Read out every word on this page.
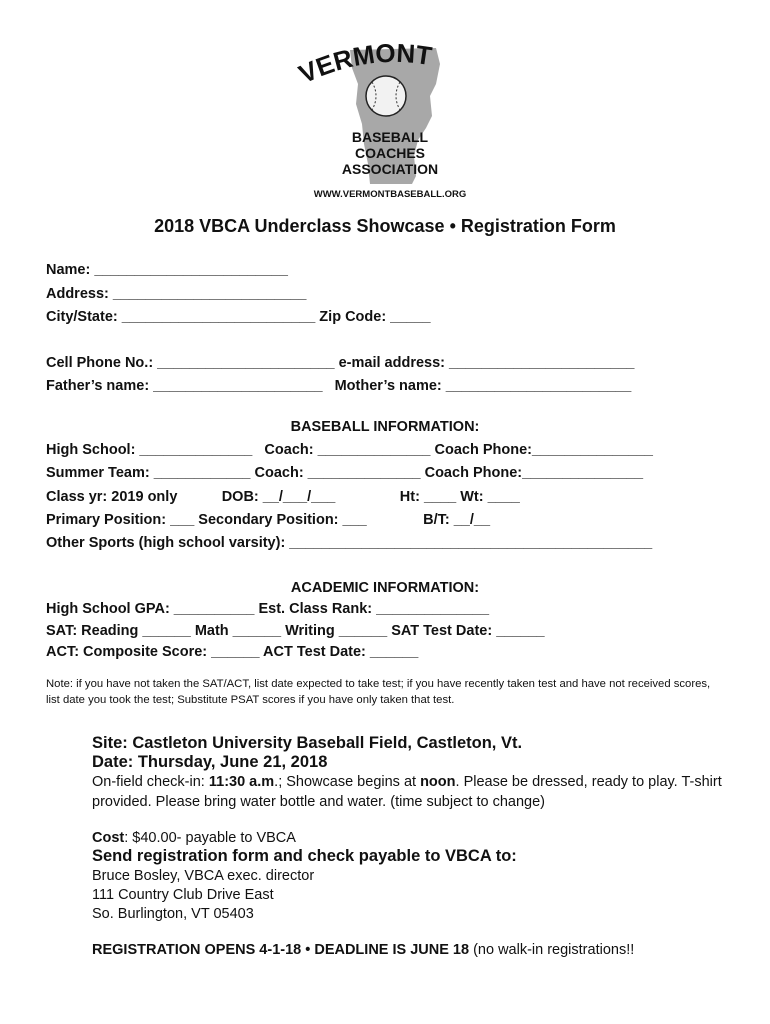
VERMONT
BASEBALL
COACHES
ASSOCIATION
WWW.VERMONTBASEBALL.ORG
2018 VBCA Underclass Showcase • Registration Form
Name: ________________________
Address: ________________________
City/State: ________________________ Zip Code: _____
Cell Phone No.: ______________________ e-mail address: _______________________
Father’s name: _____________________   Mother’s name: _______________________
BASEBALL INFORMATION:
High School: ______________   Coach: ______________ Coach Phone:_______________
Summer Team: ____________ Coach: ______________ Coach Phone:_______________
Class yr: 2019 only           DOB: __/___/___                Ht: ____ Wt: ____
Primary Position: ___ Secondary Position: ___              B/T: __/__
Other Sports (high school varsity): _____________________________________________
ACADEMIC INFORMATION:
High School GPA: __________ Est. Class Rank: ______________
SAT: Reading ______ Math ______ Writing ______ SAT Test Date: ______
ACT: Composite Score: ______ ACT Test Date: ______
Note: if you have not taken the SAT/ACT, list date expected to take test; if you have recently taken test and have not received scores, list date you took the test; Substitute PSAT scores if you have only taken that test.
Site: Castleton University Baseball Field, Castleton, Vt.
Date: Thursday, June 21, 2018
On-field check-in: 11:30 a.m.; Showcase begins at noon. Please be dressed, ready to play. T-shirt provided. Please bring water bottle and water. (time subject to change)
Cost: $40.00- payable to VBCA
Send registration form and check payable to VBCA to:
Bruce Bosley, VBCA exec. director
111 Country Club Drive East
So. Burlington, VT 05403
REGISTRATION OPENS 4-1-18 • DEADLINE IS JUNE 18 (no walk-in registrations!!
